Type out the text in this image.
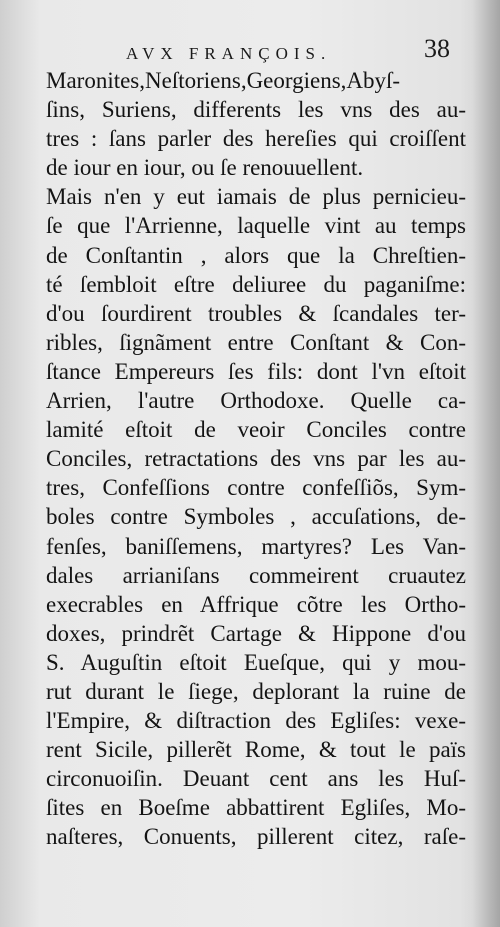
AVX FRANÇOIS.	38
Maronites,Neſtoriens,Georgiens,Abyſ-
ſins, Suriens, differents les vns des au-
tres : ſans parler des hereſies qui croiſſent
de iour en iour, ou ſe renouuellent.
Mais n'en y eut iamais de plus pernicieu-
ſe que l'Arrienne, laquelle vint au temps
de Conſtantin , alors que la Chreſtien-
té ſembloit eſtre deliuree du paganiſme:
d'ou ſourdirent troubles & ſcandales ter-
ribles, ſignãment entre Conſtant & Con-
ſtance Empereurs ſes fils: dont l'vn eſtoit
Arrien, l'autre Orthodoxe. Quelle ca-
lamité eſtoit de veoir Conciles contre
Conciles, retractations des vns par les au-
tres, Confeſſions contre confeſſiõs, Sym-
boles contre Symboles , accuſations, de-
fenſes, baniſſemens, martyres? Les Van-
dales arrianiſans commeirent cruautez
execrables en Affrique cõtre les Ortho-
doxes, prindrẽt Cartage & Hippone d'ou
S. Auguſtin eſtoit Eueſque, qui y mou-
rut durant le ſiege, deplorant la ruine de
l'Empire, & diſtraction des Egliſes: vexe-
rent Sicile, pillerẽt Rome, & tout le païs
circonuoiſin. Deuant cent ans les Huſ-
ſites en Boeſme abbattirent Egliſes, Mo-
naſteres, Conuents, pillerent citez, raſe-
